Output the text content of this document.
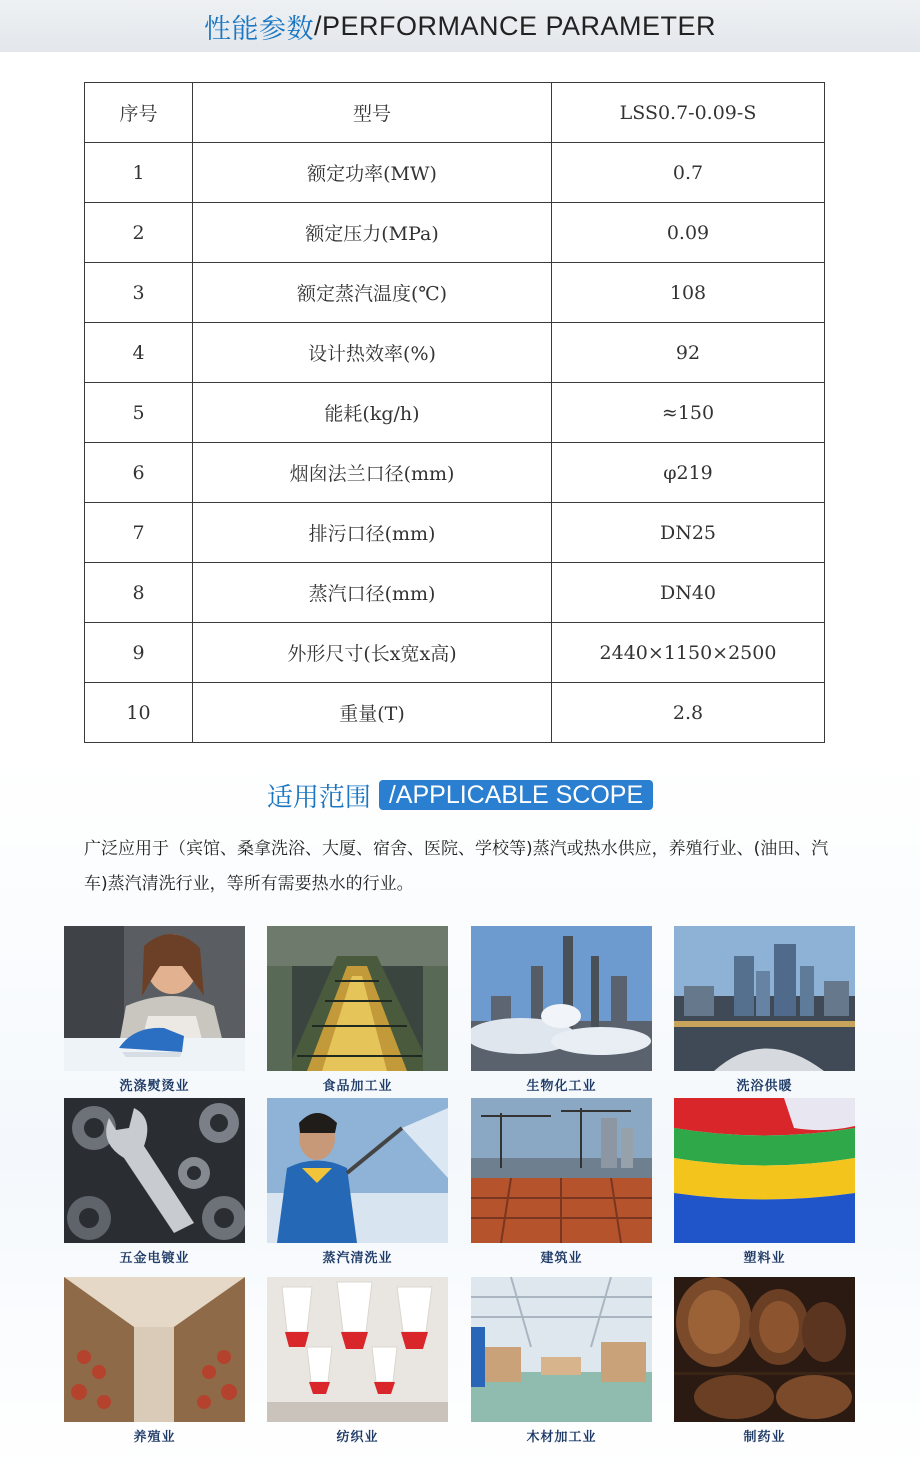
性能参数 /PERFORMANCE PARAMETER
序号	型号	LSS0.7-0.09-S
1	额定功率(MW)	0.7
2	额定压力(MPa)	0.09
3	额定蒸汽温度(℃)	108
4	设计热效率(%)	92
5	能耗(kg/h)	≈150
6	烟囱法兰口径(mm)	φ219
7	排污口径(mm)	DN25
8	蒸汽口径(mm)	DN40
9	外形尺寸(长x宽x高)	2440×1150×2500
10	重量(T)	2.8
适用范围 /APPLICABLE SCOPE

广泛应用于（宾馆、桑拿洗浴、大厦、宿舍、医院、学校等)蒸汽或热水供应，养殖行业、(油田、汽车)蒸汽清洗行业，等所有需要热水的行业。

洗涤熨烫业	食品加工业	生物化工业	洗浴供暖
五金电镀业	蒸汽清洗业	建筑业	塑料业
养殖业	纺织业	木材加工业	制药业
